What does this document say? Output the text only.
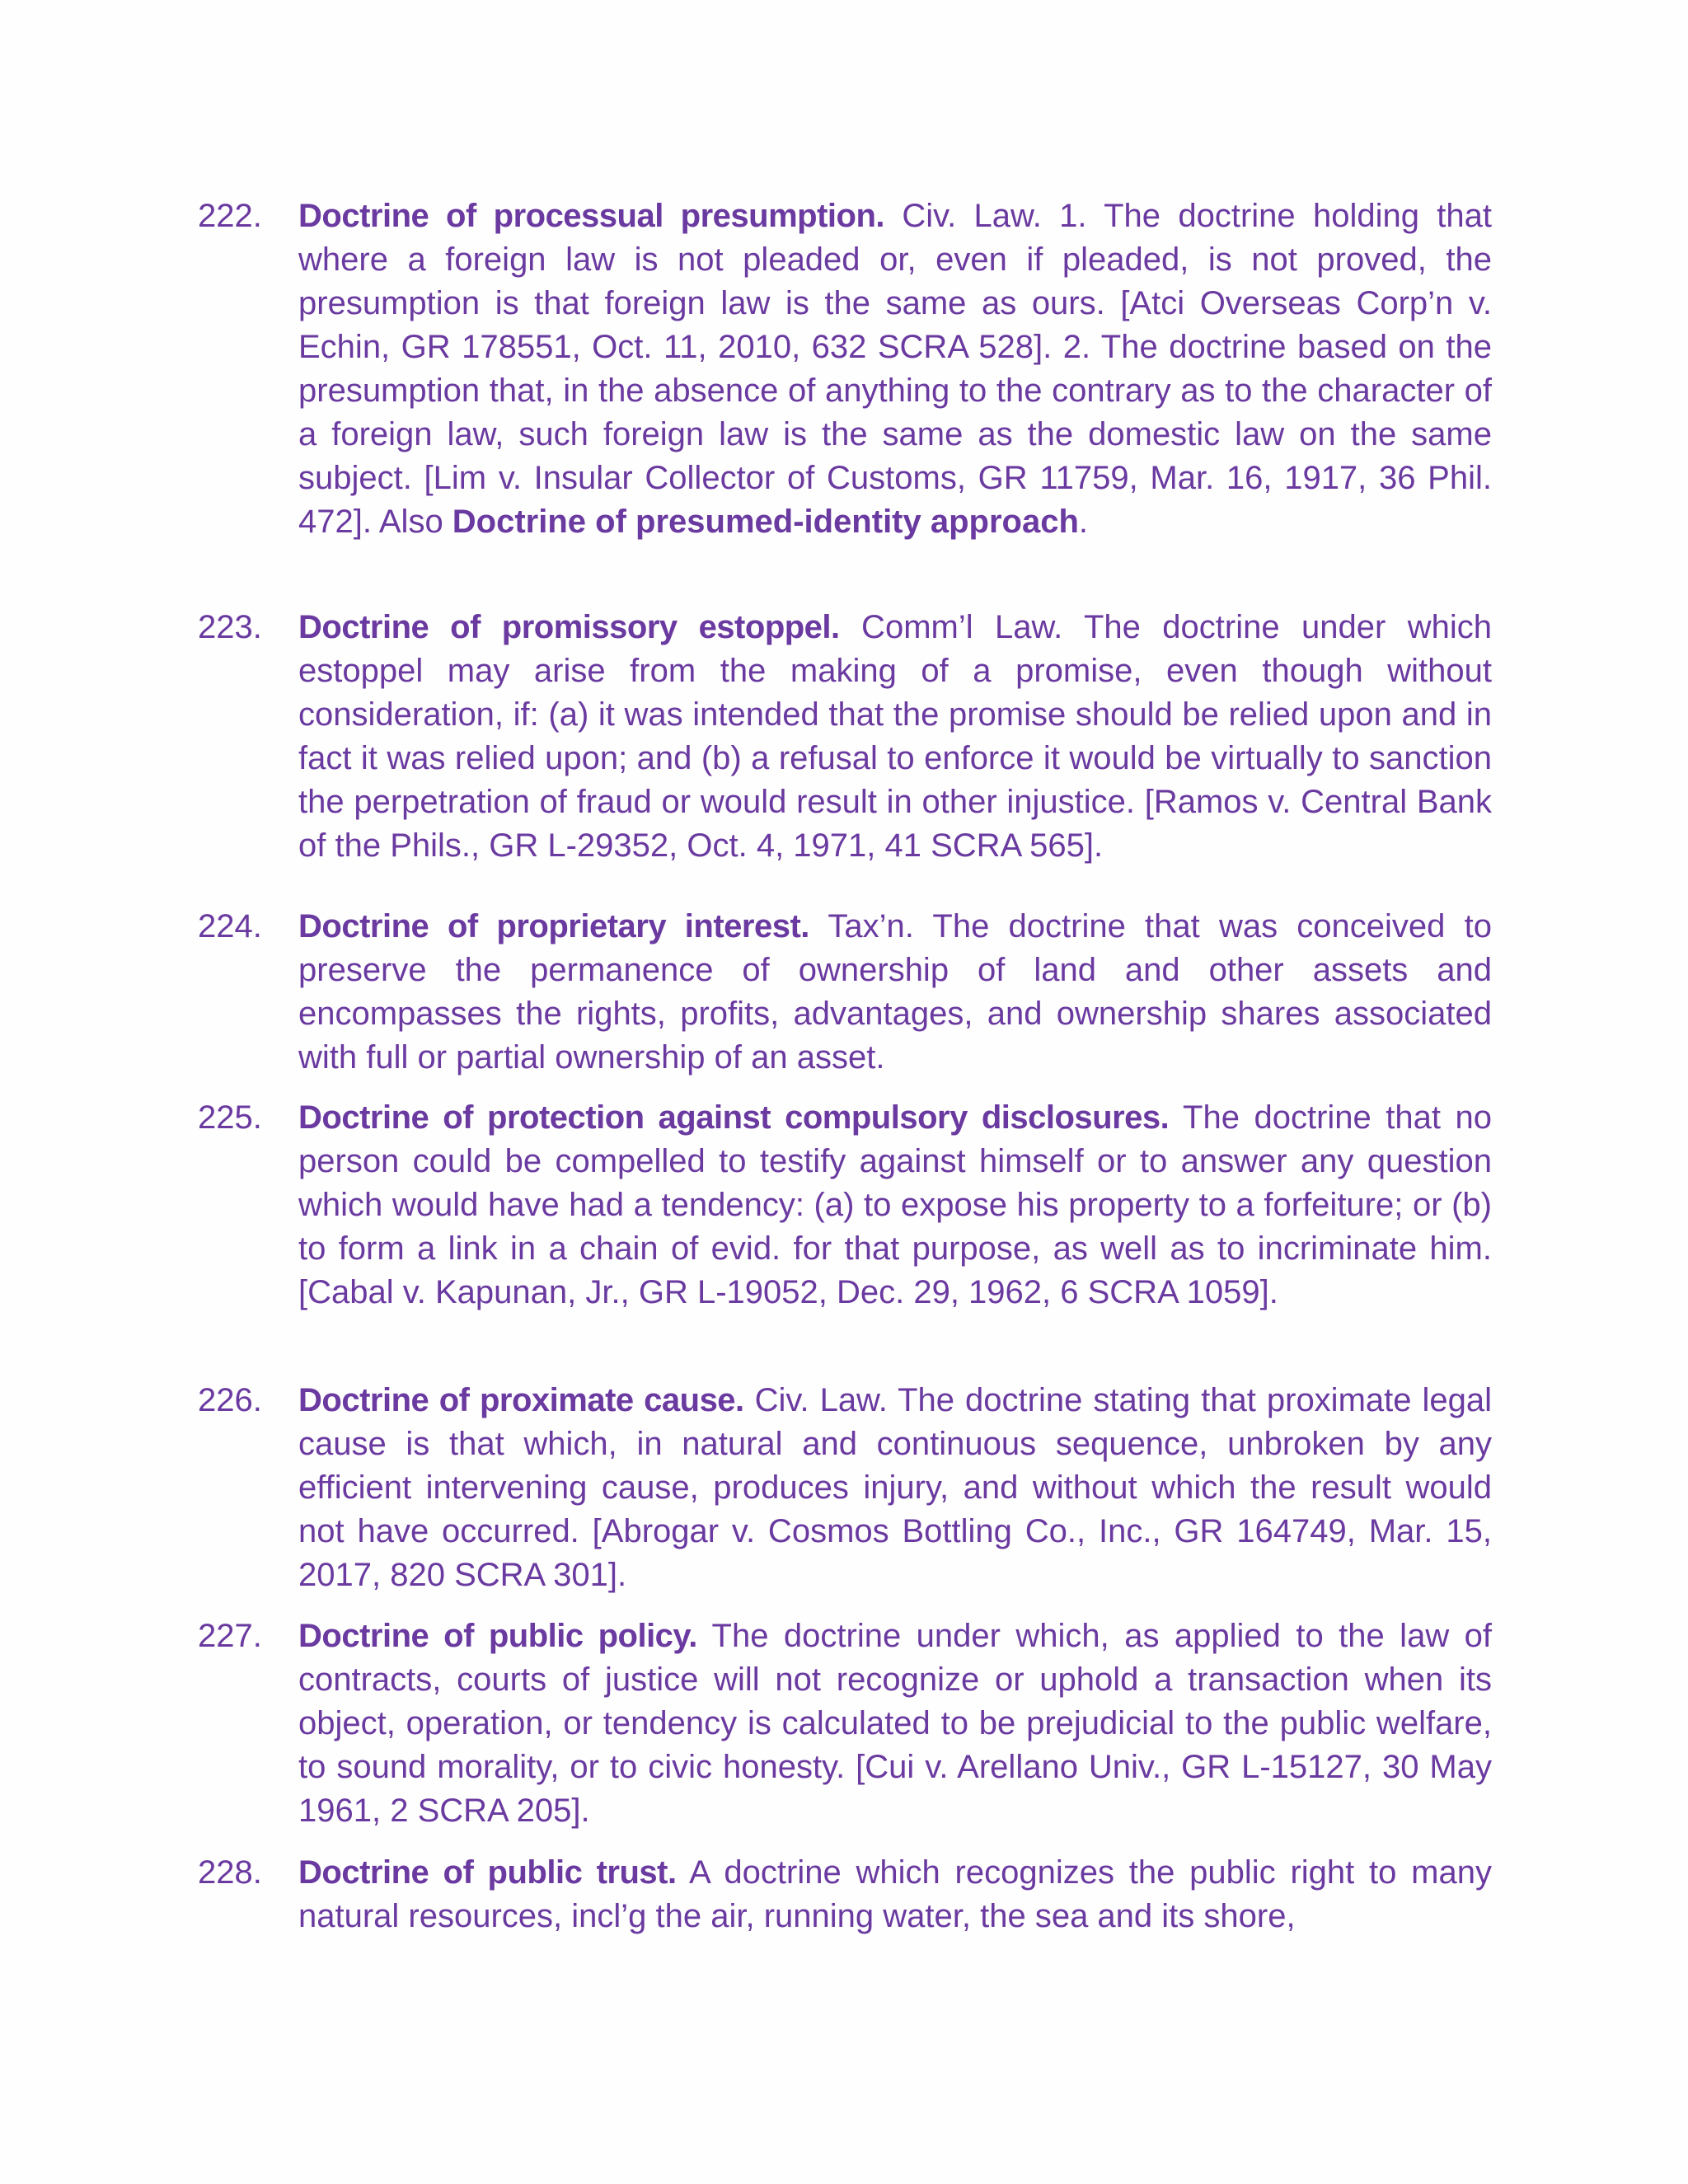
222.	Doctrine of processual presumption. Civ. Law. 1. The doctrine holding that where a foreign law is not pleaded or, even if pleaded, is not proved, the presumption is that foreign law is the same as ours. [Atci Overseas Corp’n v. Echin, GR 178551, Oct. 11, 2010, 632 SCRA 528]. 2. The doctrine based on the presumption that, in the absence of anything to the contrary as to the character of a foreign law, such foreign law is the same as the domestic law on the same subject. [Lim v. Insular Collector of Customs, GR 11759, Mar. 16, 1917, 36 Phil. 472]. Also Doctrine of presumed-identity approach.
223.	Doctrine of promissory estoppel. Comm’l Law. The doctrine under which estoppel may arise from the making of a promise, even though without consideration, if: (a) it was intended that the promise should be relied upon and in fact it was relied upon; and (b) a refusal to enforce it would be virtually to sanction the perpetration of fraud or would result in other injustice. [Ramos v. Central Bank of the Phils., GR L-29352, Oct. 4, 1971, 41 SCRA 565].
224.	Doctrine of proprietary interest. Tax’n. The doctrine that was conceived to preserve the permanence of ownership of land and other assets and encompasses the rights, profits, advantages, and ownership shares associated with full or partial ownership of an asset.
225.	Doctrine of protection against compulsory disclosures. The doctrine that no person could be compelled to testify against himself or to answer any question which would have had a tendency: (a) to expose his property to a forfeiture; or (b) to form a link in a chain of evid. for that purpose, as well as to incriminate him. [Cabal v. Kapunan, Jr., GR L-19052, Dec. 29, 1962, 6 SCRA 1059].
226.	Doctrine of proximate cause. Civ. Law. The doctrine stating that proximate legal cause is that which, in natural and continuous sequence, unbroken by any efficient intervening cause, produces injury, and without which the result would not have occurred. [Abrogar v. Cosmos Bottling Co., Inc., GR 164749, Mar. 15, 2017, 820 SCRA 301].
227.	Doctrine of public policy. The doctrine under which, as applied to the law of contracts, courts of justice will not recognize or uphold a transaction when its object, operation, or tendency is calculated to be prejudicial to the public welfare, to sound morality, or to civic honesty. [Cui v. Arellano Univ., GR L-15127, 30 May 1961, 2 SCRA 205].
228.	Doctrine of public trust. A doctrine which recognizes the public right to many natural resources, incl’g the air, running water, the sea and its shore,
